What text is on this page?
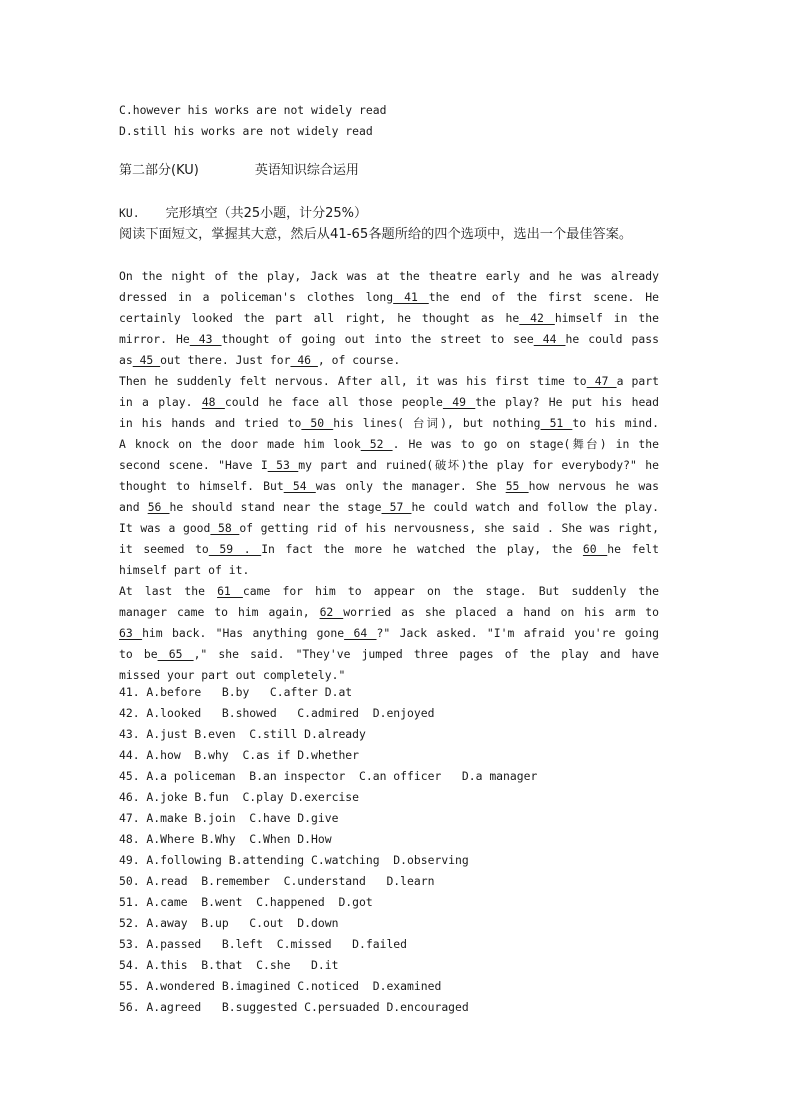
C.however his works are not widely read
D.still his works are not widely read
第二部分(KU)	英语知识综合运用
KU. 完形填空（共25小题，计分25%）
阅读下面短文，掌握其大意，然后从41-65各题所给的四个选项中，选出一个最佳答案。
On the night of the play, Jack was at the theatre early and he was already
dressed in a policeman's clothes long 41 the end of the first scene. He
certainly looked the part all right, he thought as he 42 himself in the
mirror. He 43 thought of going out into the street to see 44 he could pass
as 45 out there. Just for 46 , of course.
Then he suddenly felt nervous. After all, it was his first time to 47 a part
in a play. 48 could he face all those people 49 the play? He put his head
in his hands and tried to 50 his lines( 台词), but nothing 51 to his mind.
A knock on the door made him look 52 . He was to go on stage(舞台) in the
second scene. "Have I 53 my part and ruined(破坏)the play for everybody?" he
thought to himself. But 54 was only the manager. She 55 how nervous he was
and 56 he should stand near the stage 57 he could watch and follow the play.
It was a good 58 of getting rid of his nervousness, she said . She was right,
it seemed to 59 . In fact the more he watched the play, the 60 he felt
himself part of it.
At last the 61 came for him to appear on the stage. But suddenly the
manager came to him again, 62 worried as she placed a hand on his arm to
63 him back. "Has anything gone 64 ?" Jack asked. "I'm afraid you're going
to be 65 ," she said. "They've jumped three pages of the play and have
missed your part out completely."
41. A.before   B.by   C.after D.at
42. A.looked   B.showed   C.admired  D.enjoyed
43. A.just B.even  C.still D.already
44. A.how  B.why  C.as if D.whether
45. A.a policeman  B.an inspector  C.an officer   D.a manager
46. A.joke B.fun  C.play D.exercise
47. A.make B.join  C.have D.give
48. A.Where B.Why  C.When D.How
49. A.following B.attending C.watching  D.observing
50. A.read  B.remember  C.understand   D.learn
51. A.came  B.went  C.happened  D.got
52. A.away  B.up   C.out  D.down
53. A.passed   B.left  C.missed   D.failed
54. A.this  B.that  C.she   D.it
55. A.wondered B.imagined C.noticed  D.examined
56. A.agreed   B.suggested C.persuaded D.encouraged
